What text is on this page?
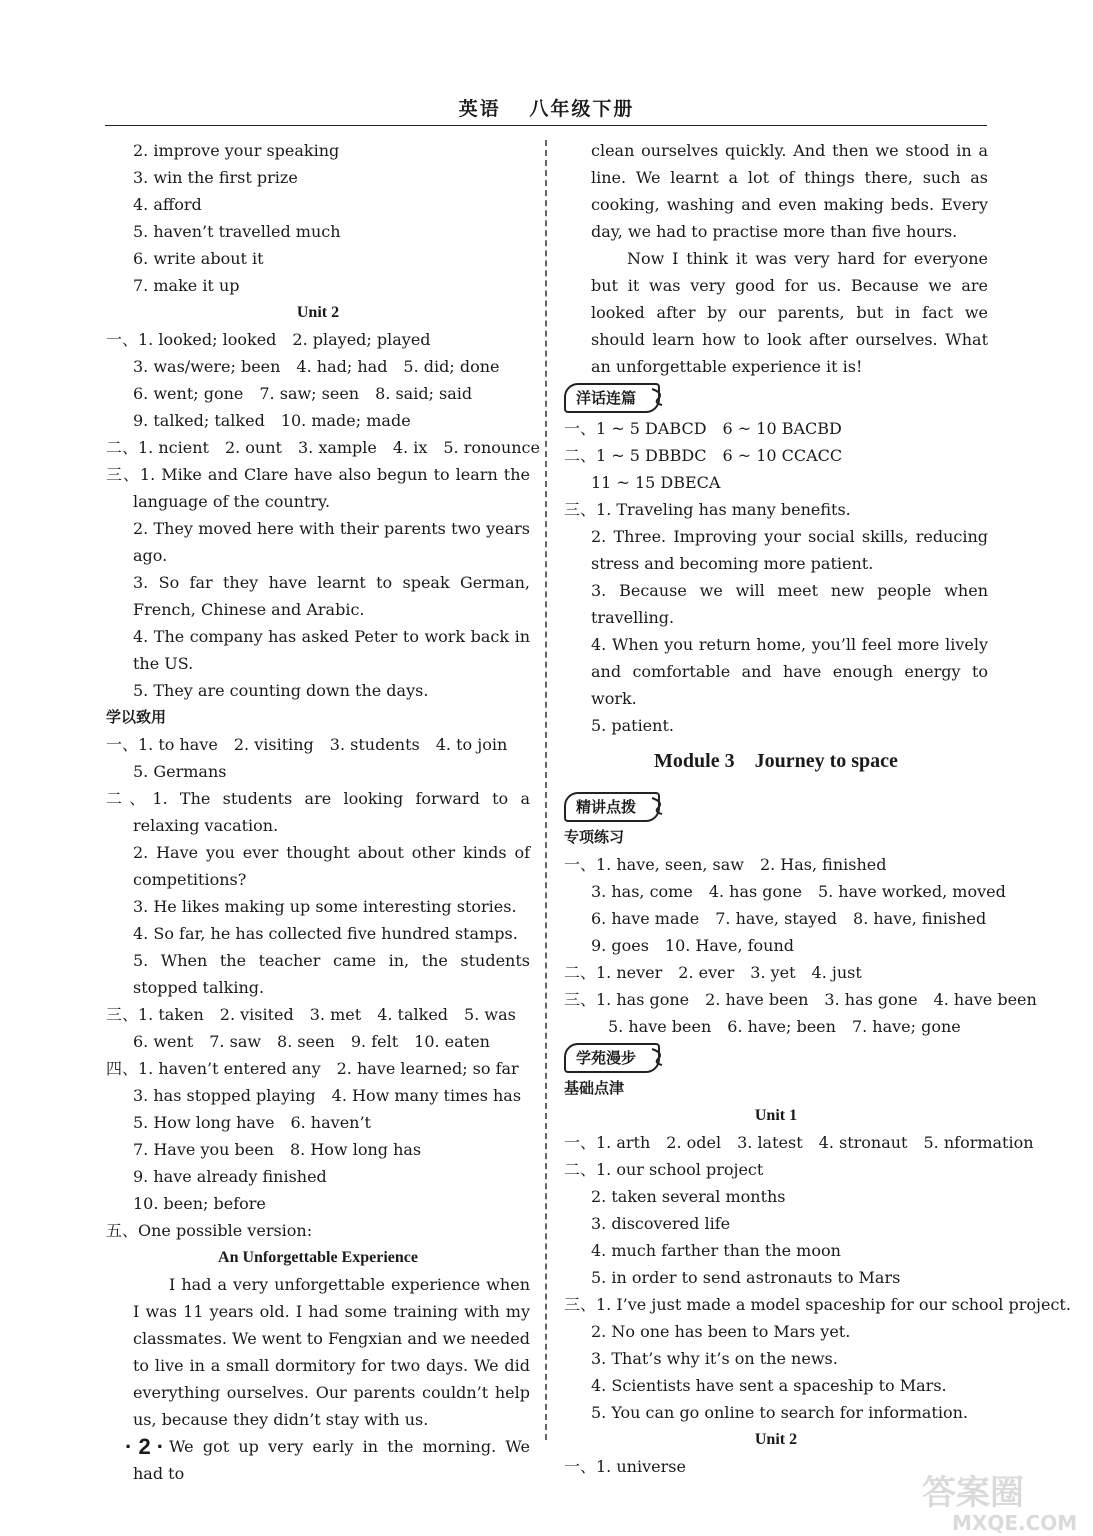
英语 八年级下册
2. improve your speaking
3. win the first prize
4. afford
5. haven’t travelled much
6. write about it
7. make it up
Unit 2
一、1. looked; looked　2. played; played
3. was/were; been　4. had; had　5. did; done
6. went; gone　7. saw; seen　8. said; said
9. talked; talked　10. made; made
二、1. ncient　2. ount　3. xample　4. ix　5. ronounce
三、1. Mike and Clare have also begun to learn the language of the country.
2. They moved here with their parents two years ago.
3. So far they have learnt to speak German, French, Chinese and Arabic.
4. The company has asked Peter to work back in the US.
5. They are counting down the days.
学以致用
一、1. to have　2. visiting　3. students　4. to join
5. Germans
二、1. The students are looking forward to a relaxing vacation.
2. Have you ever thought about other kinds of competitions?
3. He likes making up some interesting stories.
4. So far, he has collected five hundred stamps.
5. When the teacher came in, the students stopped talking.
三、1. taken　2. visited　3. met　4. talked　5. was
6. went　7. saw　8. seen　9. felt　10. eaten
四、1. haven’t entered any　2. have learned; so far
3. has stopped playing　4. How many times has
5. How long have　6. haven’t
7. Have you been　8. How long has
9. have already finished
10. been; before
五、One possible version:
An Unforgettable Experience
I had a very unforgettable experience when I was 11 years old. I had some training with my classmates. We went to Fengxian and we needed to live in a small dormitory for two days. We did everything ourselves. Our parents couldn’t help us, because they didn’t stay with us.
We got up very early in the morning. We had to
clean ourselves quickly. And then we stood in a line. We learnt a lot of things there, such as cooking, washing and even making beds. Every day, we had to practise more than five hours.
Now I think it was very hard for everyone but it was very good for us. Because we are looked after by our parents, but in fact we should learn how to look after ourselves. What an unforgettable experience it is!
洋话连篇
一、1 ~ 5 DABCD　6 ~ 10 BACBD
二、1 ~ 5 DBBDC　6 ~ 10 CCACC
11 ~ 15 DBECA
三、1. Traveling has many benefits.
2. Three. Improving your social skills, reducing stress and becoming more patient.
3. Because we will meet new people when travelling.
4. When you return home, you’ll feel more lively and comfortable and have enough energy to work.
5. patient.
Module 3　Journey to space
精讲点拨
专项练习
一、1. have, seen, saw　2. Has, finished
3. has, come　4. has gone　5. have worked, moved
6. have made　7. have, stayed　8. have, finished
9. goes　10. Have, found
二、1. never　2. ever　3. yet　4. just
三、1. has gone　2. have been　3. has gone　4. have been
5. have been　6. have; been　7. have; gone
学苑漫步
基础点津
Unit 1
一、1. arth　2. odel　3. latest　4. stronaut　5. nformation
二、1. our school project
2. taken several months
3. discovered life
4. much farther than the moon
5. in order to send astronauts to Mars
三、1. I’ve just made a model spaceship for our school project.
2. No one has been to Mars yet.
3. That’s why it’s on the news.
4. Scientists have sent a spaceship to Mars.
5. You can go online to search for information.
Unit 2
一、1. universe
· 2 ·
答案圈
MXQE.COM
